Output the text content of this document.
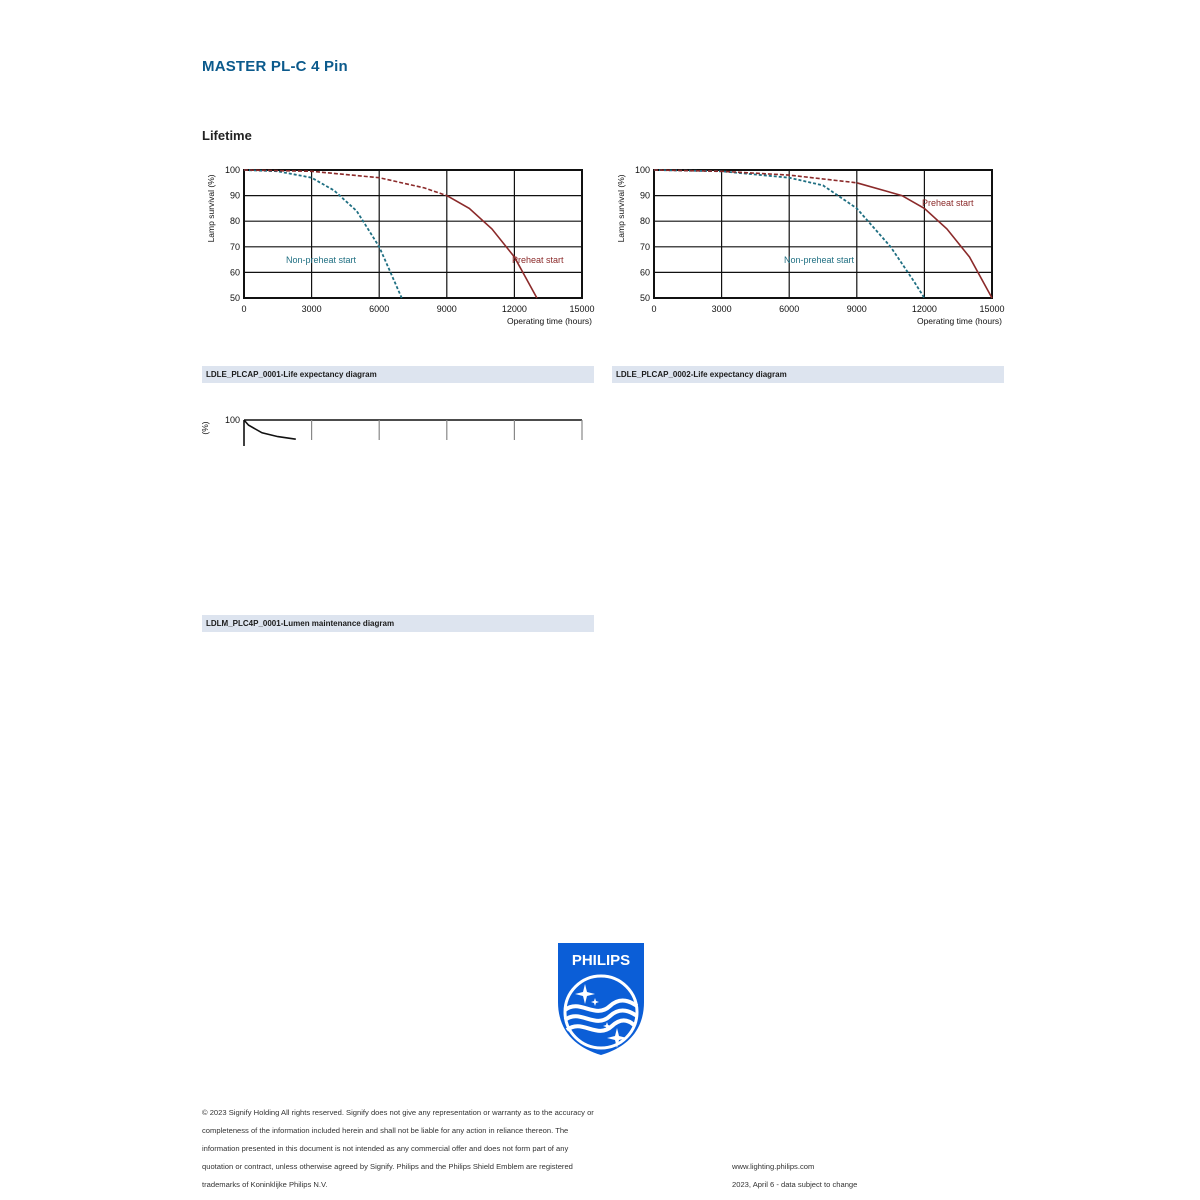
MASTER PL-C 4 Pin
Lifetime
50
60
70
80
90
100
0	3000	6000	9000	12000	15000
Operating time (hours)
Lamp survival (%)
Non-preheat start	Preheat start
LDLE_PLCAP_0001-Life expectancy diagram
50
60
70
80
90
100
0	3000	6000	9000	12000	15000
Operating time (hours)
Lamp survival (%)
Non-preheat start
Preheat start
LDLE_PLCAP_0002-Life expectancy diagram
100
(%)
LDLM_PLC4P_0001-Lumen maintenance diagram
PHILIPS
© 2023 Signify Holding All rights reserved. Signify does not give any representation or warranty as to the accuracy or
completeness of the information included herein and shall not be liable for any action in reliance thereon. The
information presented in this document is not intended as any commercial offer and does not form part of any
quotation or contract, unless otherwise agreed by Signify. Philips and the Philips Shield Emblem are registered
trademarks of Koninklijke Philips N.V.
www.lighting.philips.com
2023, April 6 - data subject to change
